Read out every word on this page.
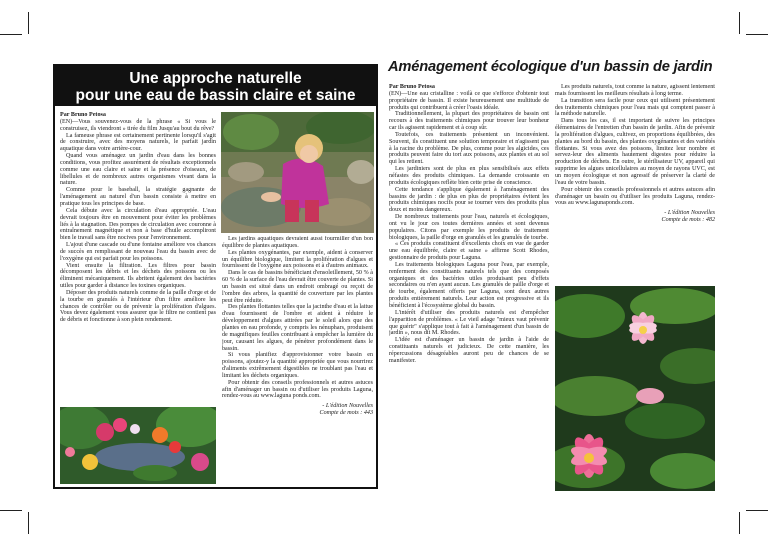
Une approche naturelle
pour une eau de bassin claire et saine

Par Bruno Petosa

(EN)—Vous souvenez-vous de la phrase « Si vous le construisez, ils viendront » tirée du film Jusqu'au bout du rêve?

La fameuse phrase est certainement pertinente lorsqu'il s'agit de construire, avec des moyens naturels, le parfait jardin aquatique dans votre arrière-cour.

Quand vous aménagez un jardin d'eau dans les bonnes conditions, vous profitez assurément de résultats exceptionnels comme une eau claire et saine et la présence d'oiseaux, de libellules et de nombreux autres organismes vivant dans la nature.

Comme pour le baseball, la stratégie gagnante de l'aménagement au naturel d'un bassin consiste à mettre en pratique tous les principes de base.

Cela débute avec la circulation d'eau appropriée. L'eau devrait toujours être en mouvement pour éviter les problèmes liés à la stagnation. Des pompes de circulation avec couronne à entraînement magnétique et non à base d'huile accompliront bien le travail sans être nocives pour l'environnement.

L'ajout d'une cascade ou d'une fontaine améliore vos chances de succès en remplissant de nouveau l'eau du bassin avec de l'oxygène qui est parfait pour les poissons.

Vient ensuite la filtration. Les filtres pour bassin décomposent les débris et les déchets des poissons ou les éliminent mécaniquement. Ils abritent également des bactéries utiles pour garder à distance les toxines organiques.

Déposer des produits naturels comme de la paille d'orge et de la tourbe en granulés à l'intérieur d'un filtre améliore les chances de contrôler ou de prévenir la prolifération d'algues. Vous devez également vous assurer que le filtre ne contient pas de débris et fonctionne à son plein rendement.

Les jardins aquatiques devraient aussi fourmiller d'un bon équilibre de plantes aquatiques.

Les plantes oxygénantes, par exemple, aident à conserver un équilibre biologique, limitent la prolifération d'algues et fournissent de l'oxygène aux poissons et à d'autres animaux.

Dans le cas de bassins bénéficiant d'ensoleillement, 50 % à 60 % de la surface de l'eau devrait être couverte de plantes. Si un bassin est situé dans un endroit ombragé ou reçoit de l'ombre des arbres, la quantité de couverture par les plantes peut être réduite.

Des plantes flottantes telles que la jacinthe d'eau et la laitue d'eau fournissent de l'ombre et aident à réduire le développement d'algues attirées par le soleil alors que des plantes en eau profonde, y compris les nénuphars, produisent de magnifiques feuilles contribuant à empêcher la lumière du jour, causant les algues, de pénétrer profondément dans le bassin.

Si vous planifiez d'approvisionner votre bassin en poissons, ajoutez-y la quantité appropriée que vous nourrirez d'aliments extrêmement digestibles ne troublant pas l'eau et limitant les déchets organiques.

Pour obtenir des conseils professionnels et autres astuces afin d'aménager un bassin ou d'utiliser les produits Laguna, rendez-vous au www.laguna ponds.com.

- L'édition Nouvelles
Compte de mots : 443
Aménagement écologique d'un bassin de jardin

Par Bruno Petosa

(EN)—Une eau cristalline : voilà ce que s'efforce d'obtenir tout propriétaire de bassin. Il existe heureusement une multitude de produits qui contribuent à créer l'oasis idéale.

Traditionnellement, la plupart des propriétaires de bassin ont recours à des traitements chimiques pour trouver leur bonheur car ils agissent rapidement et à coup sûr.

Toutefois, ces traitements présentent un inconvénient. Souvent, ils constituent une solution temporaire et n'agissent pas à la racine du problème. De plus, comme pour les algicides, ces produits peuvent faire du tort aux poissons, aux plantes et au sol qui les retient.

Les jardiniers sont de plus en plus sensibilisés aux effets néfastes des produits chimiques. La demande croissante en produits écologiques reflète bien cette prise de conscience.

Cette tendance s'applique également à l'aménagement des bassins de jardin : de plus en plus de propriétaires évitent les produits chimiques nocifs pour se tourner vers des produits plus doux et moins dangereux.

De nombreux traitements pour l'eau, naturels et écologiques, ont vu le jour ces toutes dernières années et sont devenus populaires. Citons par exemple les produits de traitement biologiques, la paille d'orge en granulés et les granulés de tourbe.

« Ces produits constituent d'excellents choix en vue de garder une eau équilibrée, claire et saine » affirme Scott Rhodes, gestionnaire de produits pour Laguna.

Les traitements biologiques Laguna pour l'eau, par exemple, renferment des constituants naturels tels que des composés organiques et des bactéries utiles produisant peu d'effets secondaires ou n'en ayant aucun. Les granulés de paille d'orge et de tourbe, également offerts par Laguna, sont deux autres produits entièrement naturels. Leur action est progressive et ils bénéficient à l'écosystème global du bassin.

L'intérêt d'utiliser des produits naturels est d'empêcher l'apparition de problèmes. « Le vieil adage "mieux vaut prévenir que guérir" s'applique tout à fait à l'aménagement d'un bassin de jardin », nous dit M. Rhodes.

L'idée est d'aménager un bassin de jardin à l'aide de constituants naturels et judicieux. De cette manière, les répercussions désagréables auront peu de chances de se manifester.

Les produits naturels, tout comme la nature, agissent lentement mais fournissent les meilleurs résultats à long terme.

La transition sera facile pour ceux qui utilisent présentement des traitements chimiques pour l'eau mais qui comptent passer à la méthode naturelle.

Dans tous les cas, il est important de suivre les principes élémentaires de l'entretien d'un bassin de jardin. Afin de prévenir la prolifération d'algues, cultivez, en proportions équilibrées, des plantes au bord du bassin, des plantes oxygénantes et des variétés flottantes. Si vous avez des poissons, limitez leur nombre et servez-leur des aliments hautement digestes pour réduire la production de déchets. En outre, le stérilisateur UV, appareil qui supprime les algues unicellulaires au moyen de rayons UVC, est un moyen écologique et non agressif de préserver la clarté de l'eau de votre bassin.

Pour obtenir des conseils professionnels et autres astuces afin d'aménager un bassin ou d'utiliser les produits Laguna, rendez-vous au www.lagunaponds.com.

- L'édition Nouvelles
Compte de mots : 482
